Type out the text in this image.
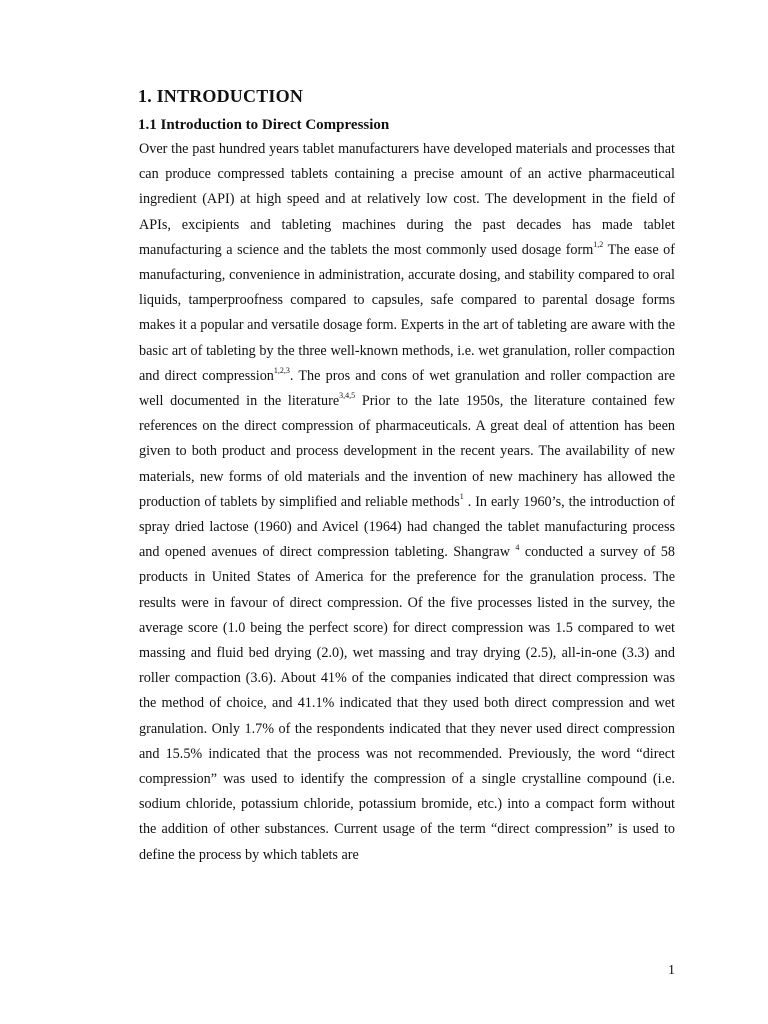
1. INTRODUCTION
1.1 Introduction to Direct Compression

Over the past hundred years tablet manufacturers have developed materials and processes that can produce compressed tablets containing a precise amount of an active pharmaceutical ingredient (API) at high speed and at relatively low cost. The development in the field of APIs, excipients and tableting machines during the past decades has made tablet manufacturing a science and the tablets the most commonly used dosage form$^{1,2}$ The ease of manufacturing, convenience in administration, accurate dosing, and stability compared to oral liquids, tamperproofness compared to capsules, safe compared to parental dosage forms makes it a popular and versatile dosage form. Experts in the art of tableting are aware with the basic art of tableting by the three well-known methods, i.e. wet granulation, roller compaction and direct compression$^{1,2,3}$. The pros and cons of wet granulation and roller compaction are well documented in the literature$^{3,4,5}$ Prior to the late 1950s, the literature contained few references on the direct compression of pharmaceuticals. A great deal of attention has been given to both product and process development in the recent years. The availability of new materials, new forms of old materials and the invention of new machinery has allowed the production of tablets by simplified and reliable methods$^1$ . In early 1960’s, the introduction of spray dried lactose (1960) and Avicel (1964) had changed the tablet manufacturing process and opened avenues of direct compression tableting. Shangraw $^4$ conducted a survey of 58 products in United States of America for the preference for the granulation process. The results were in favour of direct compression. Of the five processes listed in the survey, the average score (1.0 being the perfect score) for direct compression was 1.5 compared to wet massing and fluid bed drying (2.0), wet massing and tray drying (2.5), all-in-one (3.3) and roller compaction (3.6). About 41% of the companies indicated that direct compression was the method of choice, and 41.1% indicated that they used both direct compression and wet granulation. Only 1.7% of the respondents indicated that they never used direct compression and 15.5% indicated that the process was not recommended. Previously, the word “direct compression” was used to identify the compression of a single crystalline compound (i.e. sodium chloride, potassium chloride, potassium bromide, etc.) into a compact form without the addition of other substances. Current usage of the term “direct compression” is used to define the process by which tablets are

1
